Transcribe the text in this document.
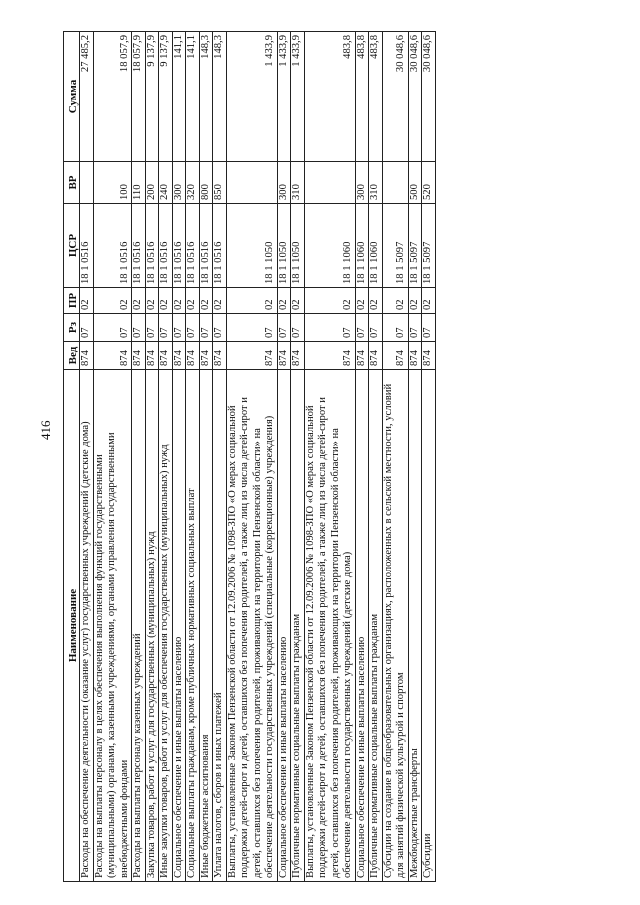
416
Наименование	Вед	Рз	ПР	ЦСР	ВР	Сумма
Расходы на обеспечение деятельности (оказание услуг) государственных учреждений (детские дома)	874	07	02	18 1 0516		27 485,2
Расходы на выплаты персоналу в целях обеспечения выполнения функций государственными (муниципальными) органами, казенными учреждениями, органами управления государственными внебюджетными фондами	874	07	02	18 1 0516	100	18 057,9
Расходы на выплаты персоналу казенных учреждений	874	07	02	18 1 0516	110	18 057,9
Закупка товаров, работ и услуг для государственных (муниципальных) нужд	874	07	02	18 1 0516	200	9 137,9
Иные закупки товаров, работ и услуг для обеспечения государственных (муниципальных) нужд	874	07	02	18 1 0516	240	9 137,9
Социальное обеспечение и иные выплаты населению	874	07	02	18 1 0516	300	141,1
Социальные выплаты гражданам, кроме публичных нормативных социальных выплат	874	07	02	18 1 0516	320	141,1
Иные бюджетные ассигнования	874	07	02	18 1 0516	800	148,3
Уплата налогов, сборов и иных платежей	874	07	02	18 1 0516	850	148,3
Выплаты, установленные Законом Пензенской области от 12.09.2006 № 1098-ЗПО «О мерах социальной поддержки детей-сирот и детей, оставшихся без попечения родителей, а также лиц из числа детей-сирот и детей, оставшихся без попечения родителей, проживающих на территории Пензенской области» на обеспечение деятельности государственных учреждений (специальные (коррекционные) учреждения)	874	07	02	18 1 1050		1 433,9
Социальное обеспечение и иные выплаты населению	874	07	02	18 1 1050	300	1 433,9
Публичные нормативные социальные выплаты гражданам	874	07	02	18 1 1050	310	1 433,9
Выплаты, установленные Законом Пензенской области от 12.09.2006 № 1098-ЗПО «О мерах социальной поддержки детей-сирот и детей, оставшихся без попечения родителей, а также лиц из числа детей-сирот и детей, оставшихся без попечения родителей, проживающих на территории Пензенской области» на обеспечение деятельности государственных учреждений (детские дома)	874	07	02	18 1 1060		483,8
Социальное обеспечение и иные выплаты населению	874	07	02	18 1 1060	300	483,8
Публичные нормативные социальные выплаты гражданам	874	07	02	18 1 1060	310	483,8
Субсидии на создание в общеобразовательных организациях, расположенных в сельской местности, условий для занятий физической культурой и спортом	874	07	02	18 1 5097		30 048,6
Межбюджетные трансферты	874	07	02	18 1 5097	500	30 048,6
Субсидии	874	07	02	18 1 5097	520	30 048,6
